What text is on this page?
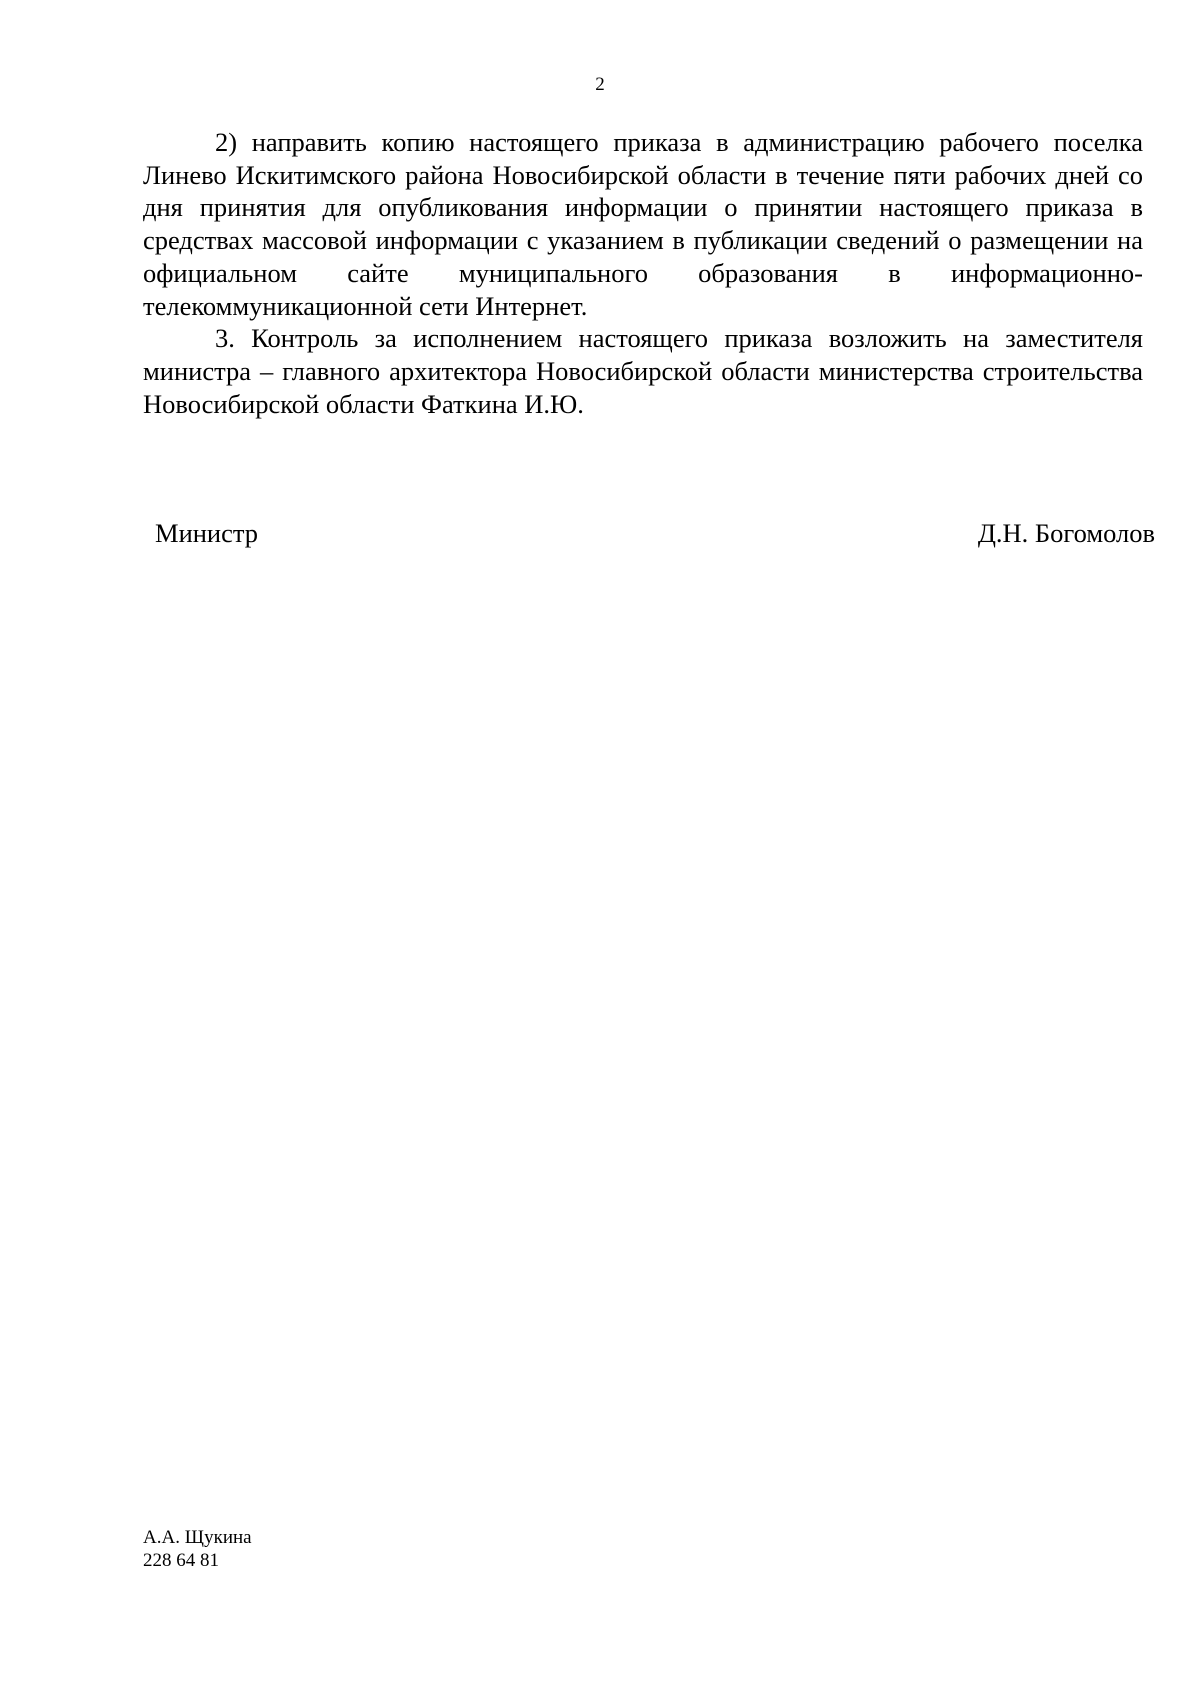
2

2) направить копию настоящего приказа в администрацию рабочего поселка Линево Искитимского района Новосибирской области в течение пяти рабочих дней со дня принятия для опубликования информации о принятии настоящего приказа в средствах массовой информации с указанием в публикации сведений о размещении на официальном сайте муниципального образования в информационно-телекоммуникационной сети Интернет.

3. Контроль за исполнением настоящего приказа возложить на заместителя министра – главного архитектора Новосибирской области министерства строительства Новосибирской области Фаткина И.Ю.

Министр	Д.Н. Богомолов
А.А. Щукина
228 64 81
